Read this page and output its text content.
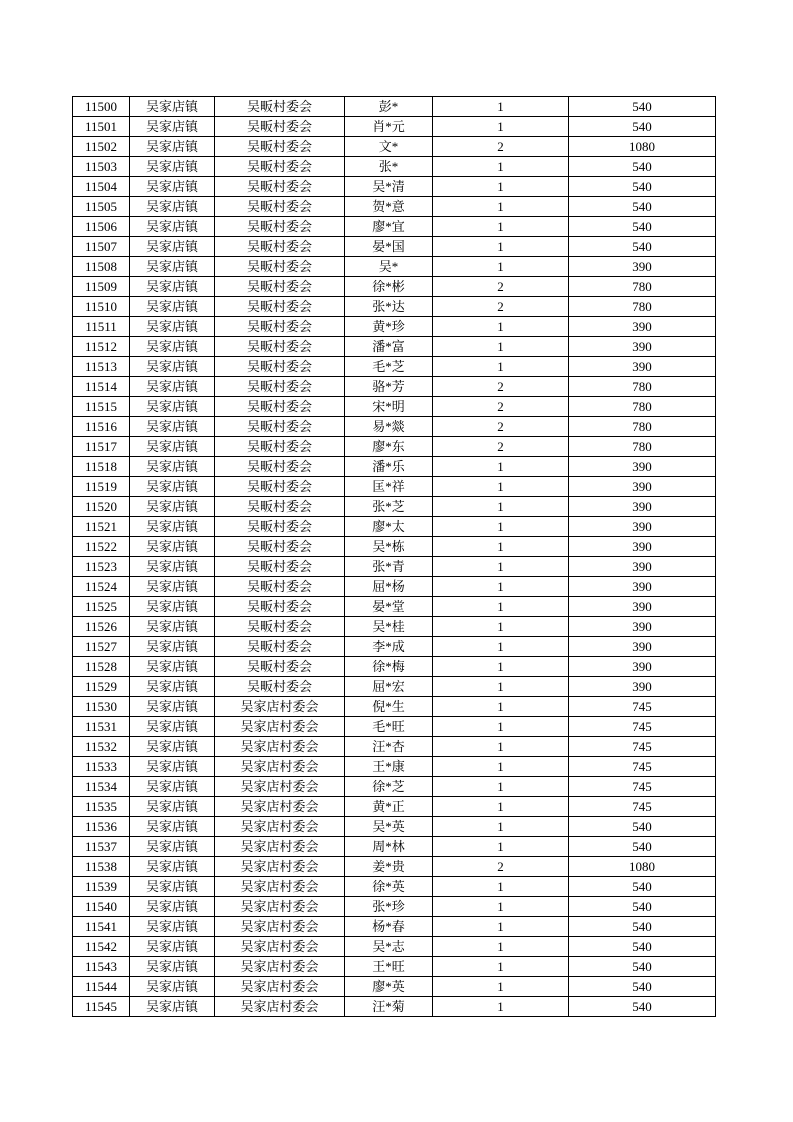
11500	吴家店镇	吴畈村委会	彭*	1	540
11501	吴家店镇	吴畈村委会	肖*元	1	540
11502	吴家店镇	吴畈村委会	文*	2	1080
11503	吴家店镇	吴畈村委会	张*	1	540
11504	吴家店镇	吴畈村委会	吴*清	1	540
11505	吴家店镇	吴畈村委会	贺*意	1	540
11506	吴家店镇	吴畈村委会	廖*宜	1	540
11507	吴家店镇	吴畈村委会	晏*国	1	540
11508	吴家店镇	吴畈村委会	吴*	1	390
11509	吴家店镇	吴畈村委会	徐*彬	2	780
11510	吴家店镇	吴畈村委会	张*达	2	780
11511	吴家店镇	吴畈村委会	黄*珍	1	390
11512	吴家店镇	吴畈村委会	潘*富	1	390
11513	吴家店镇	吴畈村委会	毛*芝	1	390
11514	吴家店镇	吴畈村委会	骆*芳	2	780
11515	吴家店镇	吴畈村委会	宋*明	2	780
11516	吴家店镇	吴畈村委会	易*燚	2	780
11517	吴家店镇	吴畈村委会	廖*东	2	780
11518	吴家店镇	吴畈村委会	潘*乐	1	390
11519	吴家店镇	吴畈村委会	匡*祥	1	390
11520	吴家店镇	吴畈村委会	张*芝	1	390
11521	吴家店镇	吴畈村委会	廖*太	1	390
11522	吴家店镇	吴畈村委会	吴*栋	1	390
11523	吴家店镇	吴畈村委会	张*青	1	390
11524	吴家店镇	吴畈村委会	屈*杨	1	390
11525	吴家店镇	吴畈村委会	晏*堂	1	390
11526	吴家店镇	吴畈村委会	吴*桂	1	390
11527	吴家店镇	吴畈村委会	李*成	1	390
11528	吴家店镇	吴畈村委会	徐*梅	1	390
11529	吴家店镇	吴畈村委会	屈*宏	1	390
11530	吴家店镇	吴家店村委会	倪*生	1	745
11531	吴家店镇	吴家店村委会	毛*旺	1	745
11532	吴家店镇	吴家店村委会	汪*杏	1	745
11533	吴家店镇	吴家店村委会	王*康	1	745
11534	吴家店镇	吴家店村委会	徐*芝	1	745
11535	吴家店镇	吴家店村委会	黄*正	1	745
11536	吴家店镇	吴家店村委会	吴*英	1	540
11537	吴家店镇	吴家店村委会	周*林	1	540
11538	吴家店镇	吴家店村委会	姜*贵	2	1080
11539	吴家店镇	吴家店村委会	徐*英	1	540
11540	吴家店镇	吴家店村委会	张*珍	1	540
11541	吴家店镇	吴家店村委会	杨*春	1	540
11542	吴家店镇	吴家店村委会	吴*志	1	540
11543	吴家店镇	吴家店村委会	王*旺	1	540
11544	吴家店镇	吴家店村委会	廖*英	1	540
11545	吴家店镇	吴家店村委会	汪*菊	1	540
